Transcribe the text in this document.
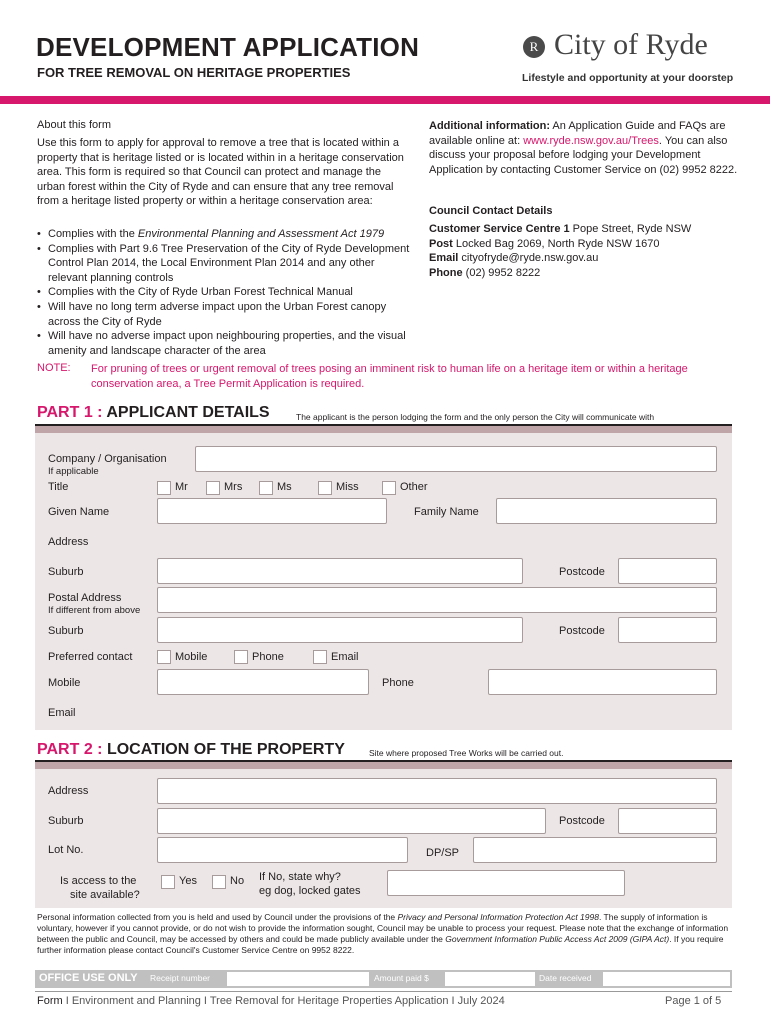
DEVELOPMENT APPLICATION
FOR TREE REMOVAL ON HERITAGE PROPERTIES
R City of Ryde
Lifestyle and opportunity at your doorstep
About this form
Use this form to apply for approval to remove a tree that is located within a property that is heritage listed or is located within in a heritage conservation area. This form is required so that Council can protect and manage the urban forest within the City of Ryde and can ensure that any tree removal from a heritage listed property or within a heritage conservation area:
• Complies with the Environmental Planning and Assessment Act 1979
• Complies with Part 9.6 Tree Preservation of the City of Ryde Development Control Plan 2014, the Local Environment Plan 2014 and any other relevant planning controls
• Complies with the City of Ryde Urban Forest Technical Manual
• Will have no long term adverse impact upon the Urban Forest canopy across the City of Ryde
• Will have no adverse impact upon neighbouring properties, and the visual amenity and landscape character of the area
Additional information: An Application Guide and FAQs are available online at: www.ryde.nsw.gov.au/Trees. You can also discuss your proposal before lodging your Development Application by contacting Customer Service on (02) 9952 8222.
Council Contact Details
Customer Service Centre 1 Pope Street, Ryde NSW
Post Locked Bag 2069, North Ryde NSW 1670
Email cityofryde@ryde.nsw.gov.au
Phone (02) 9952 8222
NOTE: For pruning of trees or urgent removal of trees posing an imminent risk to human life on a heritage item or within a heritage conservation area, a Tree Permit Application is required.
PART 1 : APPLICANT DETAILS	The applicant is the person lodging the form and the only person the City will communicate with
Company / Organisation
If applicable
Title	Mr	Mrs	Ms	Miss	Other
Given Name	Family Name
Address
Suburb	Postcode
Postal Address
If different from above
Suburb	Postcode
Preferred contact	Mobile	Phone	Email
Mobile	Phone
Email
PART 2 : LOCATION OF THE PROPERTY	Site where proposed Tree Works will be carried out.
Address
Suburb	Postcode
Lot No.	DP/SP
Is access to the
site available?
Yes	No If No, state why?
eg dog, locked gates
Personal information collected from you is held and used by Council under the provisions of the Privacy and Personal Information Protection Act 1998. The supply of information is voluntary, however if you cannot provide, or do not wish to provide the information sought, Council may be unable to process your request. Please note that the exchange of information between the public and Council, may be accessed by others and could be made publicly available under the Government Information Public Access Act 2009 (GIPA Act). If you require further information please contact Council's Customer Service Centre on 9952 8222.
OFFICE USE ONLY Receipt number	Amount paid $	Date received
Form I Environment and Planning I Tree Removal for Heritage Properties Application I July 2024	Page 1 of 5
